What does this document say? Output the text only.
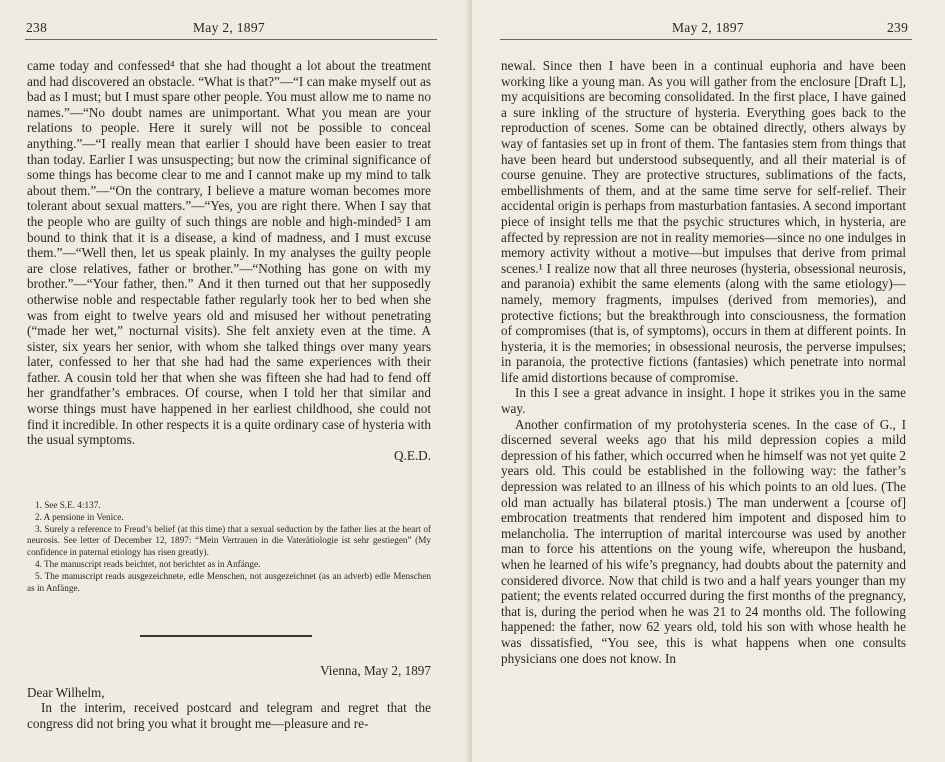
238	May 2, 1897

came today and confessed⁴ that she had thought a lot about the treatment and had discovered an obstacle. “What is that?”—“I can make myself out as bad as I must; but I must spare other people. You must allow me to name no names.”—“No doubt names are unimportant. What you mean are your relations to people. Here it surely will not be possible to conceal anything.”—“I really mean that earlier I should have been easier to treat than today. Earlier I was unsuspecting; but now the criminal significance of some things has become clear to me and I cannot make up my mind to talk about them.”—“On the contrary, I believe a mature woman becomes more tolerant about sexual matters.”—“Yes, you are right there. When I say that the people who are guilty of such things are noble and high-minded⁵ I am bound to think that it is a disease, a kind of madness, and I must excuse them.”—“Well then, let us speak plainly. In my analyses the guilty people are close relatives, father or brother.”—“Nothing has gone on with my brother.”—“Your father, then.” And it then turned out that her supposedly otherwise noble and respectable father regularly took her to bed when she was from eight to twelve years old and misused her without penetrating (“made her wet,” nocturnal visits). She felt anxiety even at the time. A sister, six years her senior, with whom she talked things over many years later, confessed to her that she had had the same experiences with their father. A cousin told her that when she was fifteen she had had to fend off her grandfather’s embraces. Of course, when I told her that similar and worse things must have happened in her earliest childhood, she could not find it incredible. In other respects it is a quite ordinary case of hysteria with the usual symptoms.

Q.E.D.

1. See S.E. 4:137.

2. A pensione in Venice.

3. Surely a reference to Freud’s belief (at this time) that a sexual seduction by the father lies at the heart of neurosis. See letter of December 12, 1897: “Mein Vertrauen in die Vaterätiologie ist sehr gestiegen” (My confidence in paternal etiology has risen greatly).

4. The manuscript reads beichtet, not berichtet as in Anfänge.

5. The manuscript reads ausgezeichnete, edle Menschen, not ausgezeichnet (as an adverb) edle Menschen as in Anfänge.

Vienna, May 2, 1897

Dear Wilhelm,

In the interim, received postcard and telegram and regret that the congress did not bring you what it brought me—pleasure and re-

May 2, 1897	239

newal. Since then I have been in a continual euphoria and have been working like a young man. As you will gather from the enclosure [Draft L], my acquisitions are becoming consolidated. In the first place, I have gained a sure inkling of the structure of hysteria. Everything goes back to the reproduction of scenes. Some can be obtained directly, others always by way of fantasies set up in front of them. The fantasies stem from things that have been heard but understood subsequently, and all their material is of course genuine. They are protective structures, sublimations of the facts, embellishments of them, and at the same time serve for self-relief. Their accidental origin is perhaps from masturbation fantasies. A second important piece of insight tells me that the psychic structures which, in hysteria, are affected by repression are not in reality memories—since no one indulges in memory activity without a motive—but impulses that derive from primal scenes.¹ I realize now that all three neuroses (hysteria, obsessional neurosis, and paranoia) exhibit the same elements (along with the same etiology)—namely, memory fragments, impulses (derived from memories), and protective fictions; but the breakthrough into consciousness, the formation of compromises (that is, of symptoms), occurs in them at different points. In hysteria, it is the memories; in obsessional neurosis, the perverse impulses; in paranoia, the protective fictions (fantasies) which penetrate into normal life amid distortions because of compromise.

In this I see a great advance in insight. I hope it strikes you in the same way.

Another confirmation of my protohysteria scenes. In the case of G., I discerned several weeks ago that his mild depression copies a mild depression of his father, which occurred when he himself was not yet quite 2 years old. This could be established in the following way: the father’s depression was related to an illness of his which points to an old lues. (The old man actually has bilateral ptosis.) The man underwent a [course of] embrocation treatments that rendered him impotent and disposed him to melancholia. The interruption of marital intercourse was used by another man to force his attentions on the young wife, whereupon the husband, when he learned of his wife’s pregnancy, had doubts about the paternity and considered divorce. Now that child is two and a half years younger than my patient; the events related occurred during the first months of the pregnancy, that is, during the period when he was 21 to 24 months old. The following happened: the father, now 62 years old, told his son with whose health he was dissatisfied, “You see, this is what happens when one consults physicians one does not know. In
